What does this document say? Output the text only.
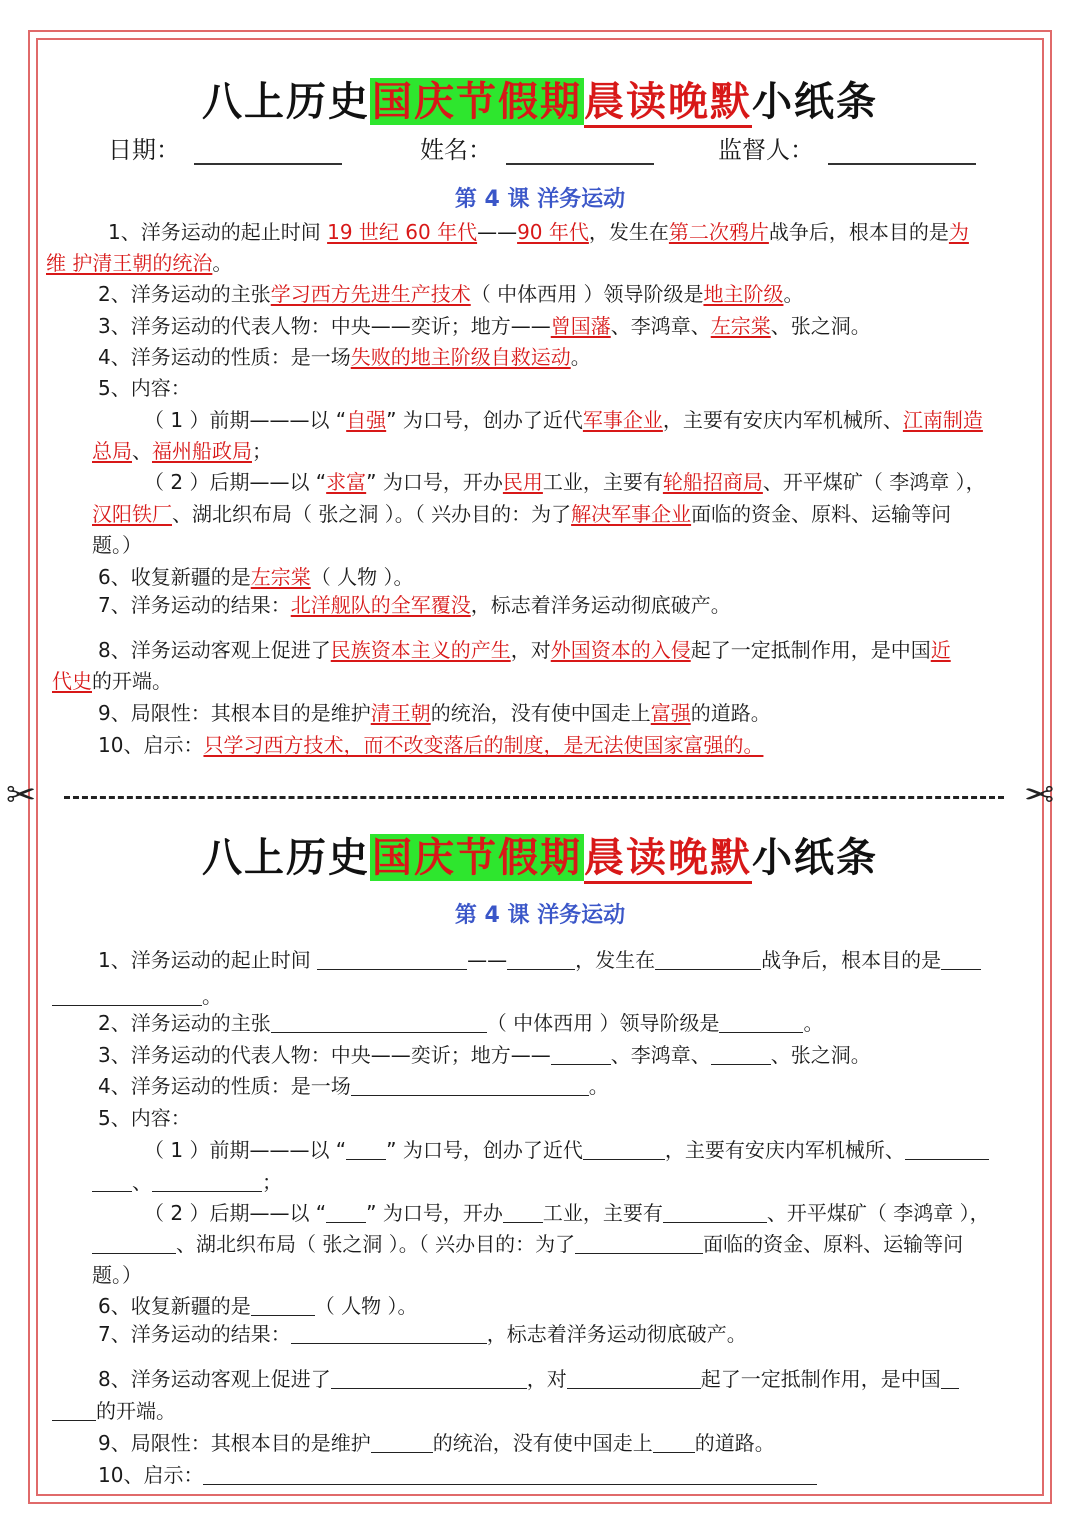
八上历史国庆节假期晨读晚默小纸条
日期：	姓名：	监督人：
第 4 课 洋务运动
1、洋务运动的起止时间 19 世纪 60 年代——90 年代，发生在第二次鸦片战争后，根本目的是为
维 护清王朝的统治。
2、洋务运动的主张学习西方先进生产技术（ 中体西用 ）领导阶级是地主阶级。
3、洋务运动的代表人物：中央——奕䜣；地方——曾国藩、李鸿章、左宗棠、张之洞。
4、洋务运动的性质：是一场失败的地主阶级自救运动。
5、内容：
（ 1 ）前期———以 “自强” 为口号，创办了近代军事企业，主要有安庆内军机械所、江南制造
总局、福州船政局；
（ 2 ）后期——以 “求富” 为口号，开办民用工业，主要有轮船招商局、开平煤矿（ 李鸿章 ），
汉阳铁厂、湖北织布局（ 张之洞 ）。（ 兴办目的：为了解决军事企业面临的资金、原料、运输等问
题。）
6、收复新疆的是左宗棠（ 人物 ）。
7、洋务运动的结果：北洋舰队的全军覆没，标志着洋务运动彻底破产。
8、洋务运动客观上促进了民族资本主义的产生，对外国资本的入侵起了一定抵制作用，是中国近
代史的开端。
9、局限性：其根本目的是维护清王朝的统治，没有使中国走上富强的道路。
10、启示：只学习西方技术，而不改变落后的制度，是无法使国家富强的。
✂	✂
八上历史国庆节假期晨读晚默小纸条
第 4 课 洋务运动
1、洋务运动的起止时间	——	，发生在	战争后，根本目的是
。
2、洋务运动的主张	（ 中体西用 ）领导阶级是	。
3、洋务运动的代表人物：中央——奕䜣；地方——	、李鸿章、	、张之洞。
4、洋务运动的性质：是一场	。
5、内容：
（ 1 ）前期———以 “ ” 为口号，创办了近代	，主要有安庆内军机械所、
、	；
（ 2 ）后期——以 “ ” 为口号，开办 工业，主要有	、开平煤矿（ 李鸿章 ），
、湖北织布局（ 张之洞 ）。（ 兴办目的：为了	面临的资金、原料、运输等问
题。）
6、收复新疆的是	（ 人物 ）。
7、洋务运动的结果：	，标志着洋务运动彻底破产。
8、洋务运动客观上促进了	，对	起了一定抵制作用，是中国
的开端。
9、局限性：其根本目的是维护	的统治，没有使中国走上 的道路。
10、启示：
